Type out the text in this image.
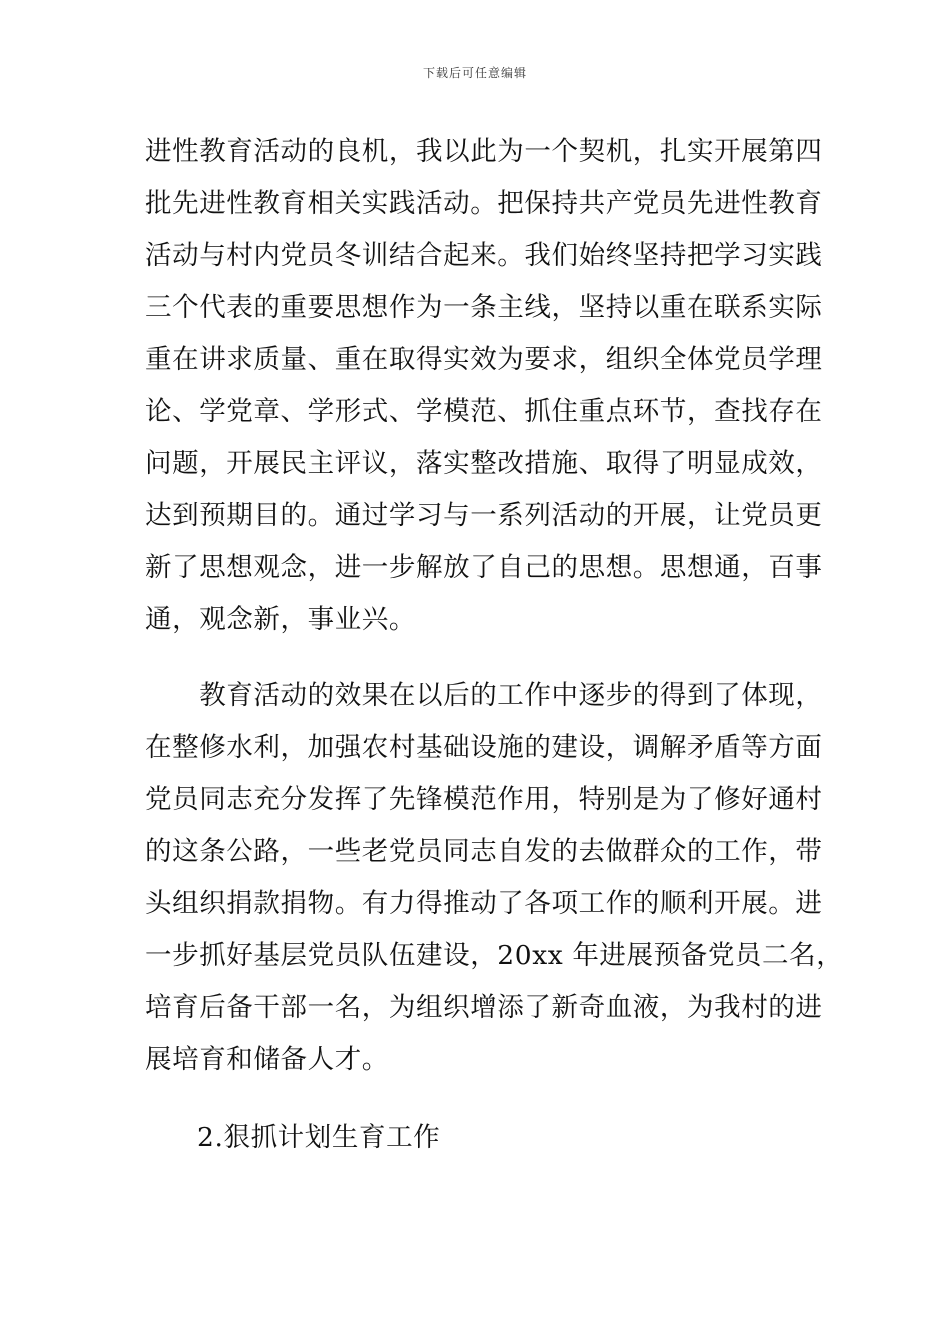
下载后可任意编辑
进性教育活动的良机，我以此为一个契机，扎实开展第四
批先进性教育相关实践活动。把保持共产党员先进性教育
活动与村内党员冬训结合起来。我们始终坚持把学习实践
三个代表的重要思想作为一条主线，坚持以重在联系实际
重在讲求质量、重在取得实效为要求，组织全体党员学理
论、学党章、学形式、学模范、抓住重点环节，查找存在
问题，开展民主评议，落实整改措施、取得了明显成效，
达到预期目的。通过学习与一系列活动的开展，让党员更
新了思想观念，进一步解放了自己的思想。思想通，百事
通，观念新，事业兴。
　　教育活动的效果在以后的工作中逐步的得到了体现，
在整修水利，加强农村基础设施的建设，调解矛盾等方面
党员同志充分发挥了先锋模范作用，特别是为了修好通村
的这条公路，一些老党员同志自发的去做群众的工作，带
头组织捐款捐物。有力得推动了各项工作的顺利开展。进
一步抓好基层党员队伍建设，20xx 年进展预备党员二名，
培育后备干部一名，为组织增添了新奇血液，为我村的进
展培育和储备人才。
2.狠抓计划生育工作
